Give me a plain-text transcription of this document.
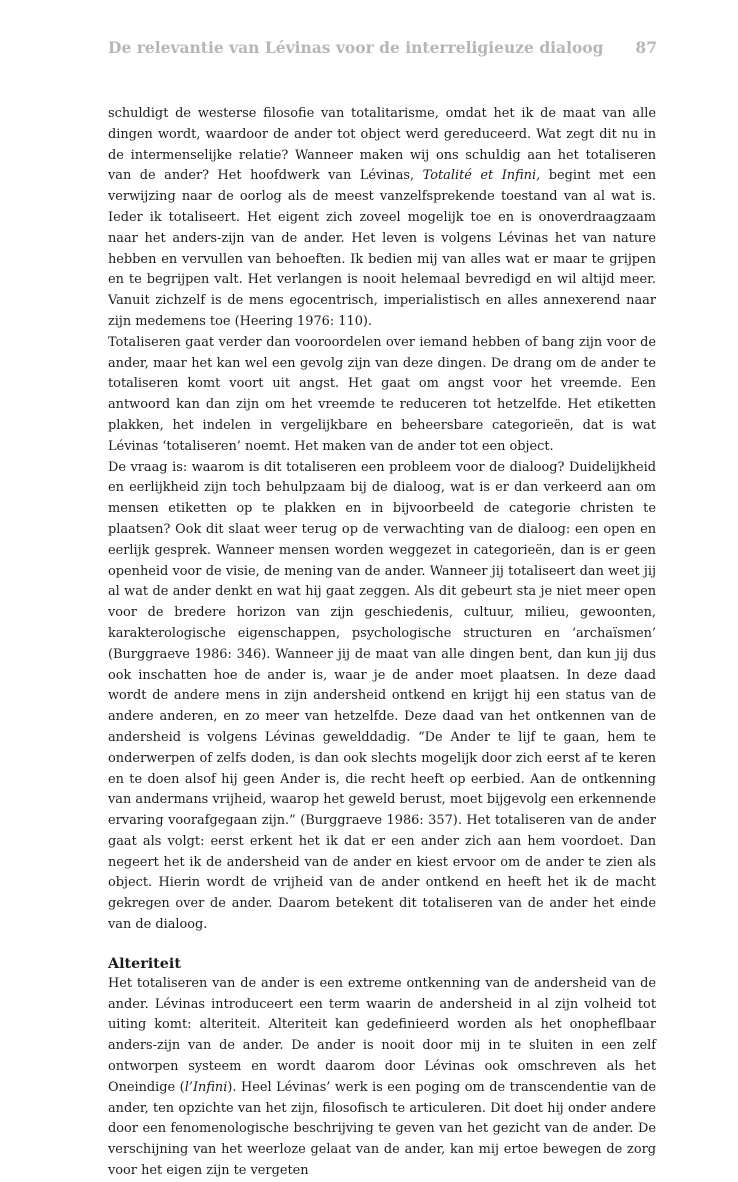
De relevantie van Lévinas voor de interreligieuze dialoog 87

schuldigt de westerse filosofie van totalitarisme, omdat het ik de maat van alle dingen wordt, waardoor de ander tot object werd gereduceerd. Wat zegt dit nu in de intermenselijke relatie? Wanneer maken wij ons schuldig aan het totaliseren van de ander? Het hoofdwerk van Lévinas, Totalité et Infini, begint met een verwijzing naar de oorlog als de meest vanzelfsprekende toestand van al wat is. Ieder ik totaliseert. Het eigent zich zoveel mogelijk toe en is onoverdraagzaam naar het anders-zijn van de ander. Het leven is volgens Lévinas het van nature hebben en vervullen van behoeften. Ik bedien mij van alles wat er maar te grijpen en te begrijpen valt. Het verlangen is nooit helemaal bevredigd en wil altijd meer. Vanuit zichzelf is de mens egocentrisch, imperialistisch en alles annexerend naar zijn medemens toe (Heering 1976: 110).

Totaliseren gaat verder dan vooroordelen over iemand hebben of bang zijn voor de ander, maar het kan wel een gevolg zijn van deze dingen. De drang om de ander te totaliseren komt voort uit angst. Het gaat om angst voor het vreemde. Een antwoord kan dan zijn om het vreemde te reduceren tot hetzelfde. Het etiketten plakken, het indelen in vergelijkbare en beheersbare categorieën, dat is wat Lévinas ‘totaliseren’ noemt. Het maken van de ander tot een object.

De vraag is: waarom is dit totaliseren een probleem voor de dialoog? Duidelijkheid en eerlijkheid zijn toch behulpzaam bij de dialoog, wat is er dan verkeerd aan om mensen etiketten op te plakken en in bijvoorbeeld de categorie christen te plaatsen? Ook dit slaat weer terug op de verwachting van de dialoog: een open en eerlijk gesprek. Wanneer mensen worden weggezet in categorieën, dan is er geen openheid voor de visie, de mening van de ander. Wanneer jij totaliseert dan weet jij al wat de ander denkt en wat hij gaat zeggen. Als dit gebeurt sta je niet meer open voor de bredere horizon van zijn geschiedenis, cultuur, milieu, gewoonten, karakterologische eigenschappen, psychologische structuren en ‘archaïsmen’ (Burggraeve 1986: 346). Wanneer jij de maat van alle dingen bent, dan kun jij dus ook inschatten hoe de ander is, waar je de ander moet plaatsen. In deze daad wordt de andere mens in zijn andersheid ontkend en krijgt hij een status van de andere anderen, en zo meer van hetzelfde. Deze daad van het ontkennen van de andersheid is volgens Lévinas gewelddadig. “De Ander te lijf te gaan, hem te onderwerpen of zelfs doden, is dan ook slechts mogelijk door zich eerst af te keren en te doen alsof hij geen Ander is, die recht heeft op eerbied. Aan de ontkenning van andermans vrijheid, waarop het geweld berust, moet bijgevolg een erkennende ervaring voorafgegaan zijn.” (Burggraeve 1986: 357). Het totaliseren van de ander gaat als volgt: eerst erkent het ik dat er een ander zich aan hem voordoet. Dan negeert het ik de andersheid van de ander en kiest ervoor om de ander te zien als object. Hierin wordt de vrijheid van de ander ontkend en heeft het ik de macht gekregen over de ander. Daarom betekent dit totaliseren van de ander het einde van de dialoog.

Alteriteit

Het totaliseren van de ander is een extreme ontkenning van de andersheid van de ander. Lévinas introduceert een term waarin de andersheid in al zijn volheid tot uiting komt: alteriteit. Alteriteit kan gedefinieerd worden als het onopheﬂbaar anders-zijn van de ander. De ander is nooit door mij in te sluiten in een zelf ontworpen systeem en wordt daarom door Lévinas ook omschreven als het Oneindige (l’Infini). Heel Lévinas’ werk is een poging om de transcendentie van de ander, ten opzichte van het zijn, filosofisch te articuleren. Dit doet hij onder andere door een fenomenologische beschrijving te geven van het gezicht van de ander. De verschijning van het weerloze gelaat van de ander, kan mij ertoe bewegen de zorg voor het eigen zijn te vergeten
